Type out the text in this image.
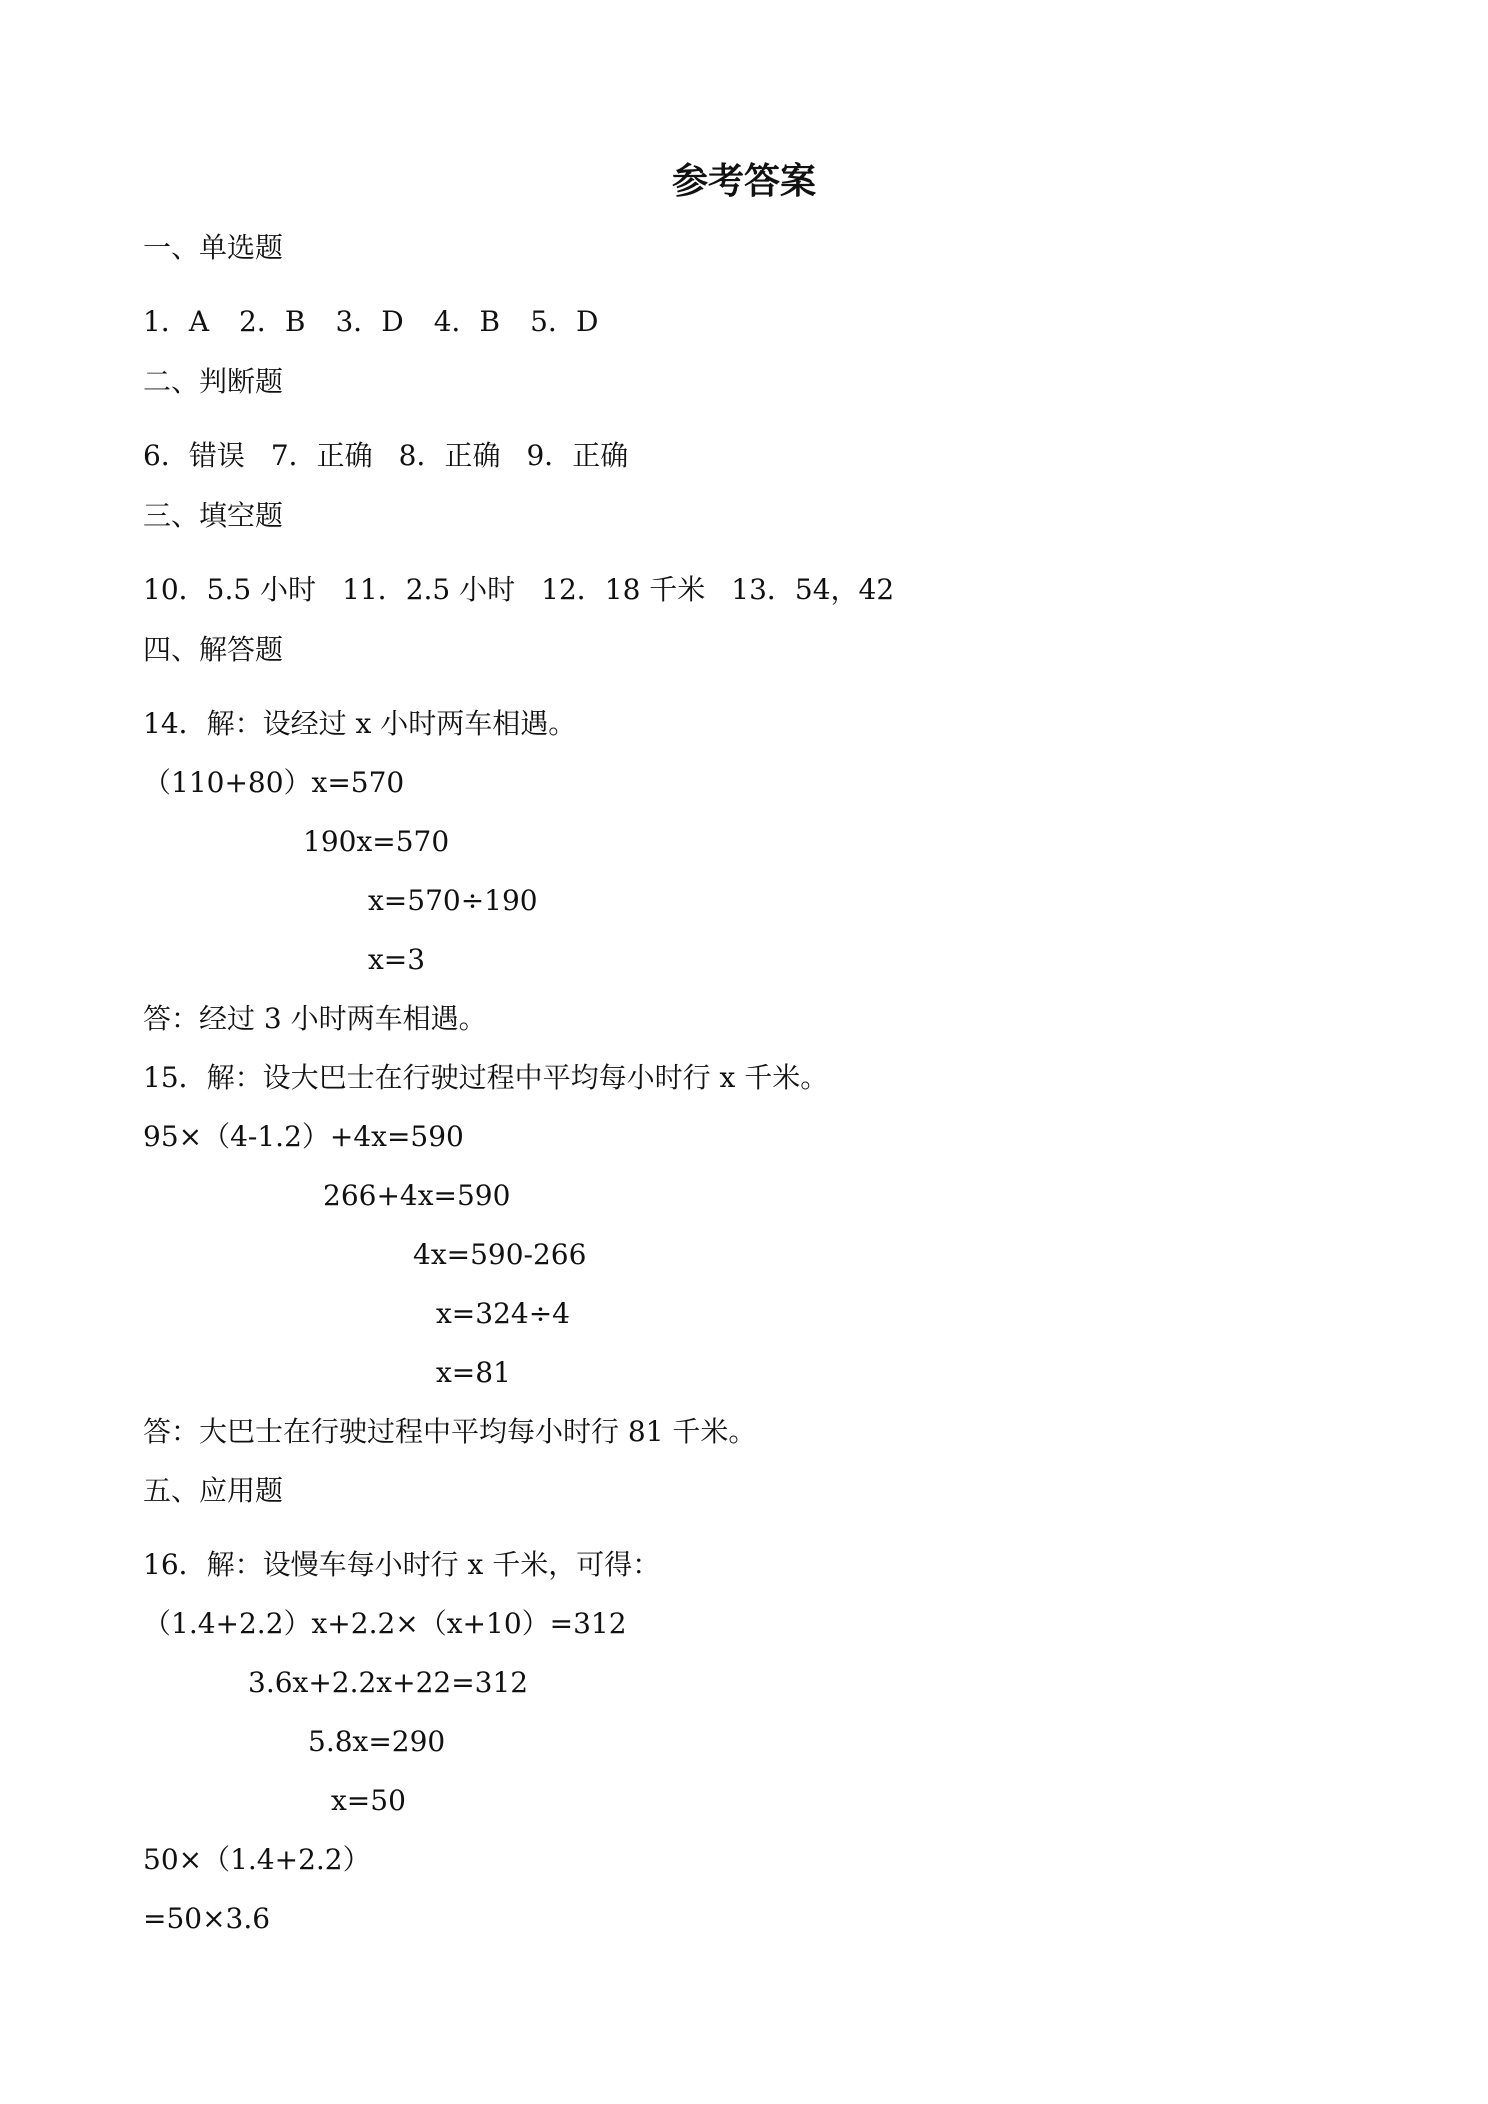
参考答案
一、单选题
1．A 2．B 3．D 4．B 5．D
二、判断题
6．错误 7．正确 8．正确 9．正确
三、填空题
10．5.5 小时 11．2.5 小时 12．18 千米 13．54，42
四、解答题
14．解：设经过 x 小时两车相遇。
（110+80）x=570
190x=570
x=570÷190
x=3
答：经过 3 小时两车相遇。
15．解：设大巴士在行驶过程中平均每小时行 x 千米。
95×（4-1.2）+4x=590
266+4x=590
4x=590-266
x=324÷4
x=81
答：大巴士在行驶过程中平均每小时行 81 千米。
五、应用题
16．解：设慢车每小时行 x 千米，可得：
（1.4+2.2）x+2.2×（x+10）=312
3.6x+2.2x+22=312
5.8x=290
x=50
50×（1.4+2.2）
=50×3.6
